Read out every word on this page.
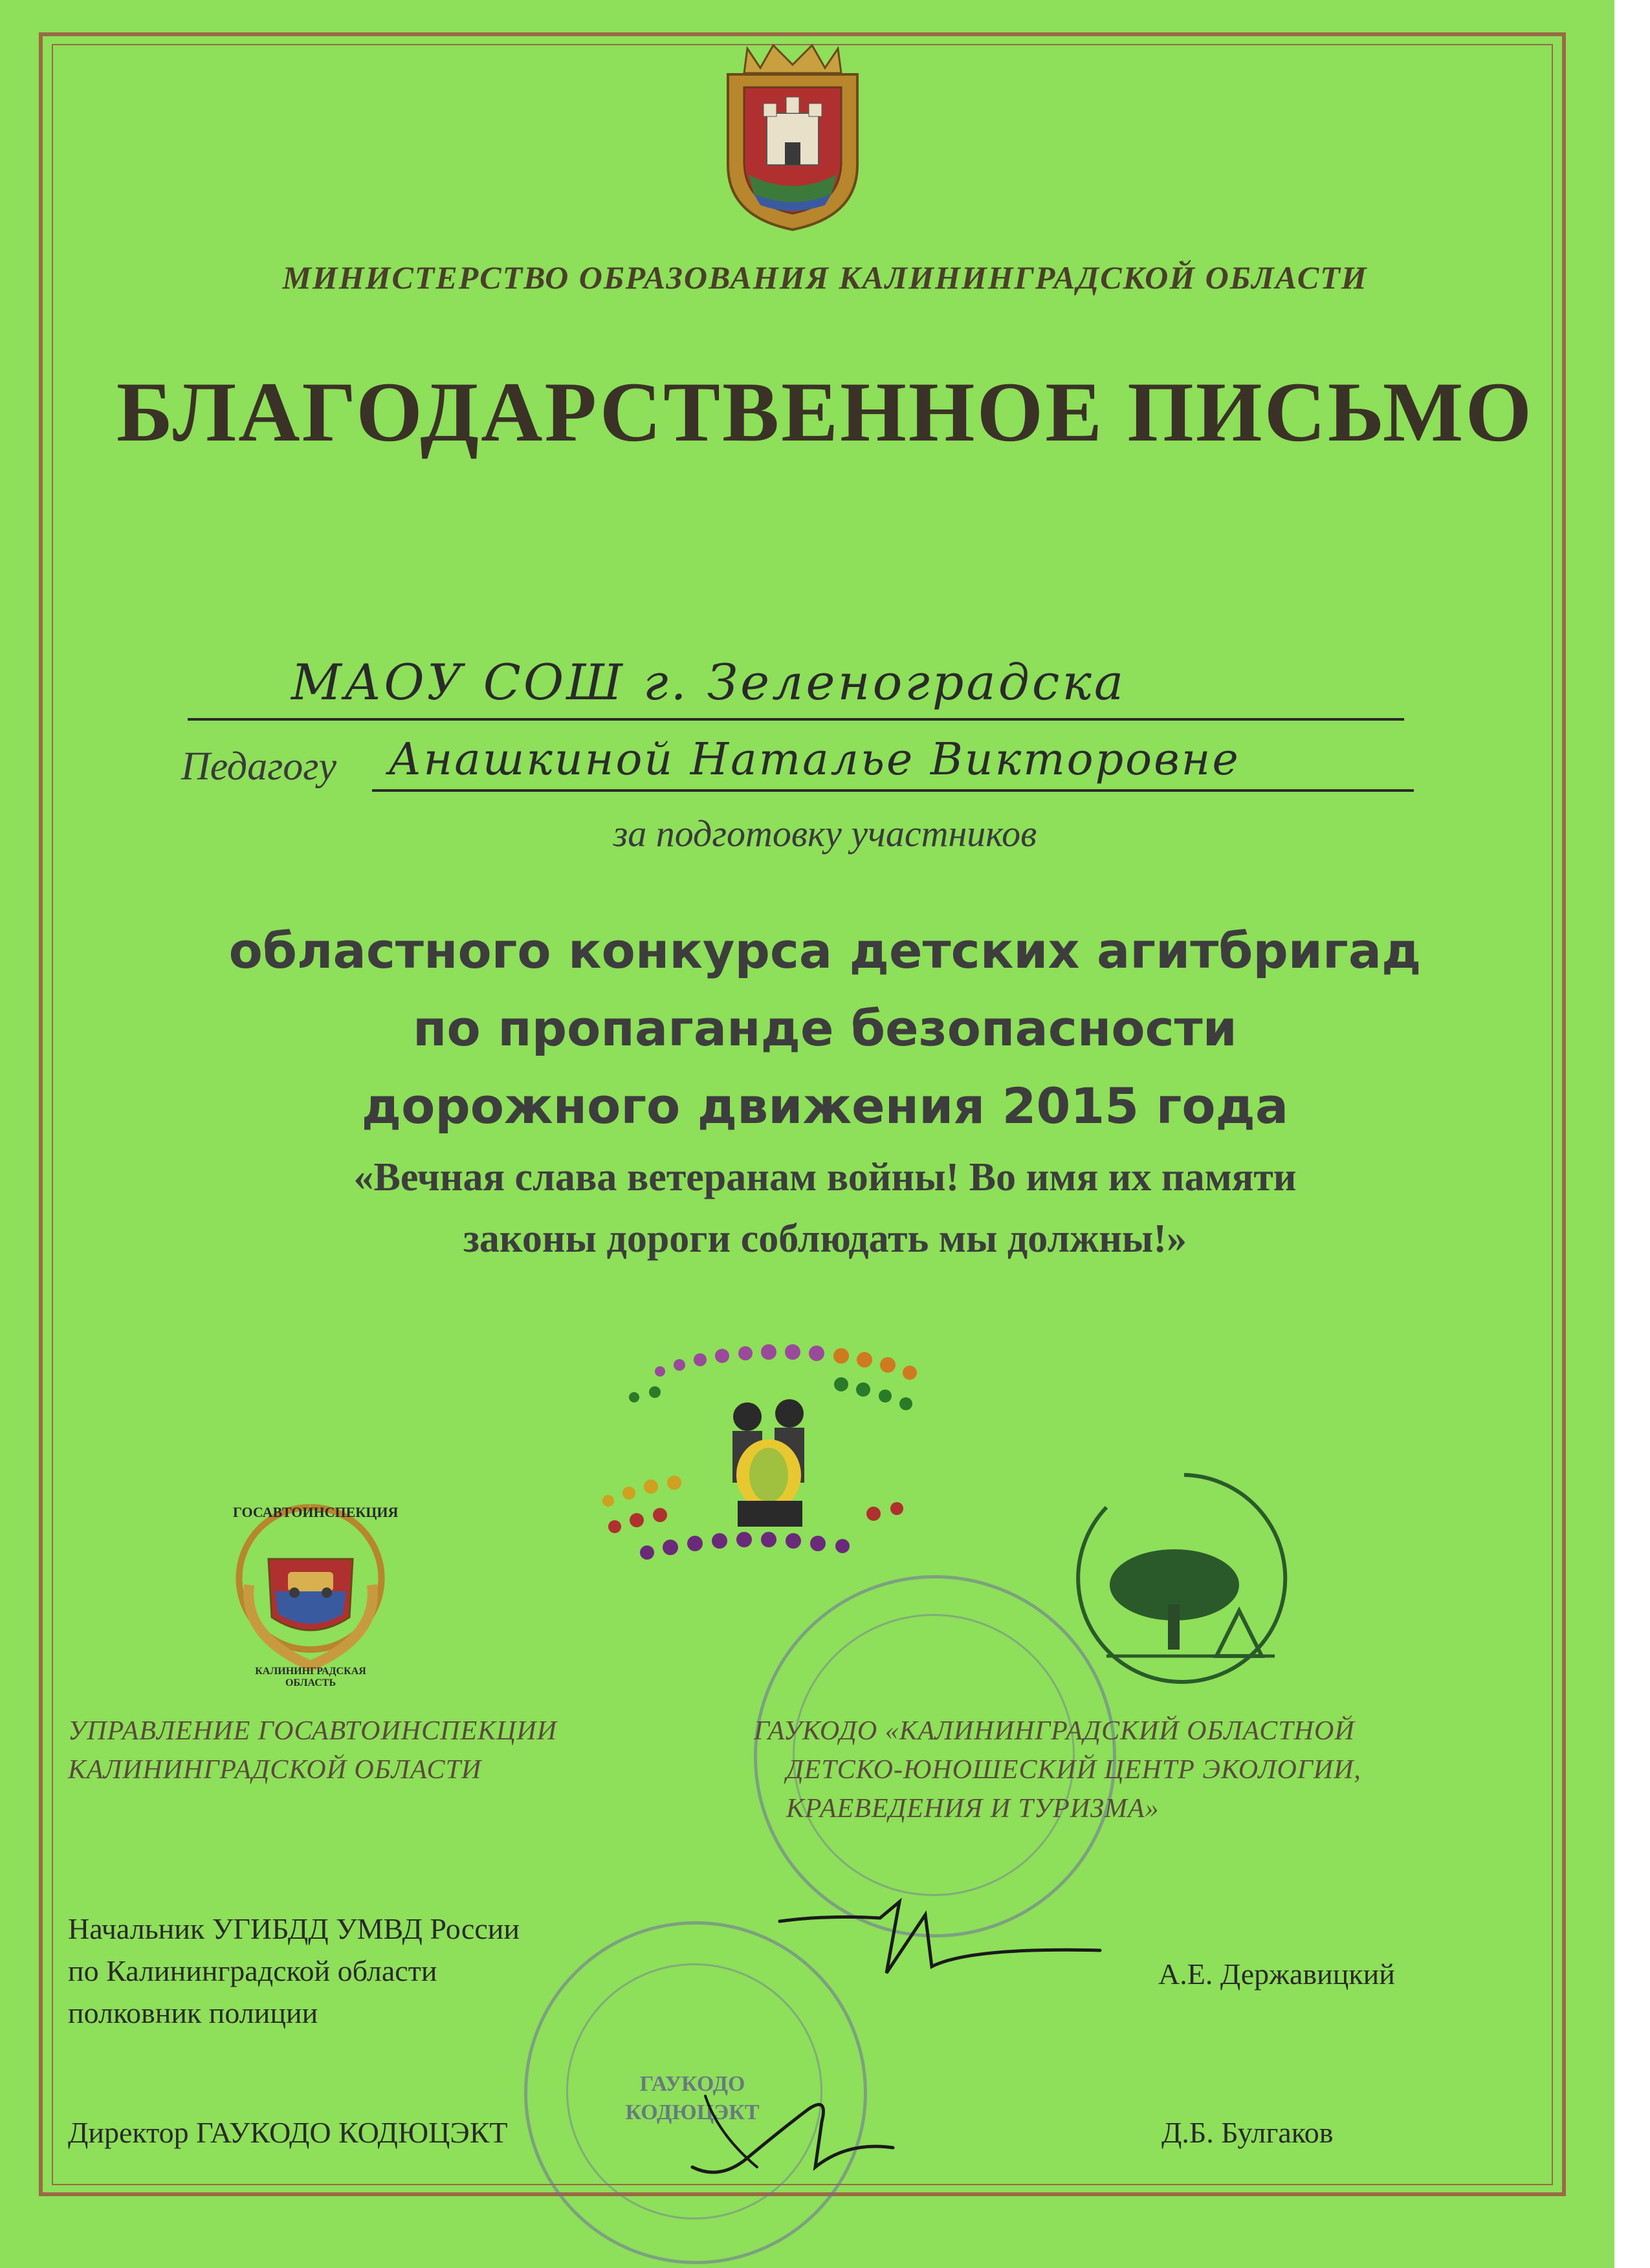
МИНИСТЕРСТВО ОБРАЗОВАНИЯ КАЛИНИНГРАДСКОЙ ОБЛАСТИ
БЛАГОДАРСТВЕННОЕ ПИСЬМО
МАОУ СОШ г. Зеленоградска
Педагогу Анашкиной Наталье Викторовне
за подготовку участников
областного конкурса детских агитбригад
по пропаганде безопасности
дорожного движения 2015 года
«Вечная слава ветеранам войны! Во имя их памяти
законы дороги соблюдать мы должны!»
ГОСАВТОИНСПЕКЦИЯ
КАЛИНИНГРАДСКАЯ ОБЛАСТЬ
ГАУКОДО КОДЮЦЭКТ
УПРАВЛЕНИЕ ГОСАВТОИНСПЕКЦИИ
КАЛИНИНГРАДСКОЙ ОБЛАСТИ
ГАУКОДО «КАЛИНИНГРАДСКИЙ ОБЛАСТНОЙ
ДЕТСКО-ЮНОШЕСКИЙ ЦЕНТР ЭКОЛОГИИ,
КРАЕВЕДЕНИЯ И ТУРИЗМА»
Начальник УГИБДД УМВД России
по Калининградской области
полковник полиции
А.Е. Державицкий
Директор ГАУКОДО КОДЮЦЭКТ	Д.Б. Булгаков
